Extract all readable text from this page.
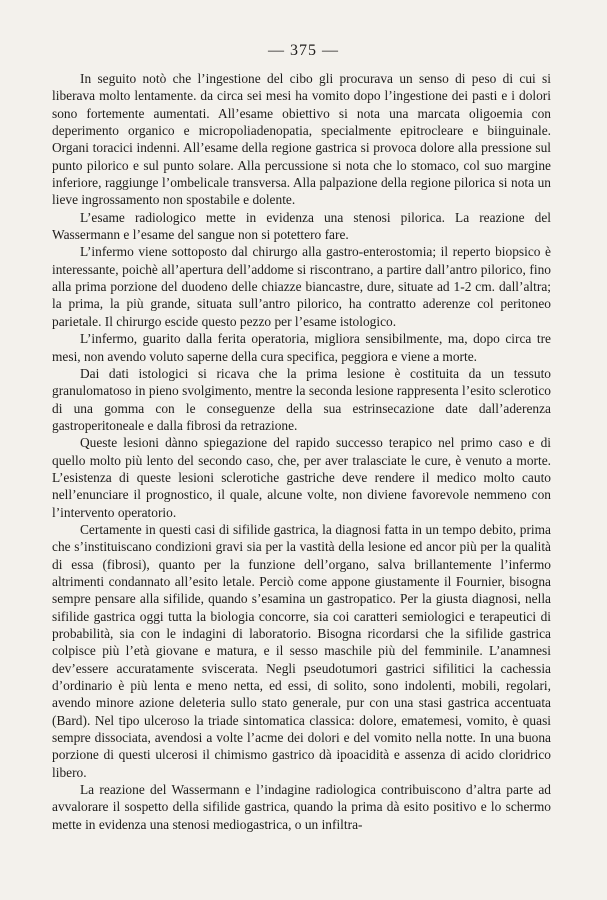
— 375 —

In seguito notò che l’ingestione del cibo gli procurava un senso di peso di cui si liberava molto lentamente. da circa sei mesi ha vomito dopo l’ingestione dei pasti e i dolori sono fortemente aumentati. All’esame obiettivo si nota una marcata oligoemia con deperimento organico e micropoliadenopatia, specialmente epitrocleare e biinguinale. Organi toracici indenni. All’esame della regione gastrica si provoca dolore alla pressione sul punto pilorico e sul punto solare. Alla percussione si nota che lo stomaco, col suo margine inferiore, raggiunge l’ombelicale transversa. Alla palpazione della regione pilorica si nota un lieve ingrossamento non spostabile e dolente.

L’esame radiologico mette in evidenza una stenosi pilorica. La reazione del Wassermann e l’esame del sangue non si potettero fare.

L’infermo viene sottoposto dal chirurgo alla gastro-enterostomia; il reperto biopsico è interessante, poichè all’apertura dell’addome si riscontrano, a partire dall’antro pilorico, fino alla prima porzione del duodeno delle chiazze biancastre, dure, situate ad 1-2 cm. dall’altra; la prima, la più grande, situata sull’antro pilorico, ha contratto aderenze col peritoneo parietale. Il chirurgo escide questo pezzo per l’esame istologico.

L’infermo, guarito dalla ferita operatoria, migliora sensibilmente, ma, dopo circa tre mesi, non avendo voluto saperne della cura specifica, peggiora e viene a morte.

Dai dati istologici si ricava che la prima lesione è costituita da un tessuto granulomatoso in pieno svolgimento, mentre la seconda lesione rappresenta l’esito sclerotico di una gomma con le conseguenze della sua estrinsecazione date dall’aderenza gastroperitoneale e dalla fibrosi da retrazione.

Queste lesioni dànno spiegazione del rapido successo terapico nel primo caso e di quello molto più lento del secondo caso, che, per aver tralasciate le cure, è venuto a morte. L’esistenza di queste lesioni sclerotiche gastriche deve rendere il medico molto cauto nell’enunciare il prognostico, il quale, alcune volte, non diviene favorevole nemmeno con l’intervento operatorio.

Certamente in questi casi di sifilide gastrica, la diagnosi fatta in un tempo debito, prima che s’instituiscano condizioni gravi sia per la vastità della lesione ed ancor più per la qualità di essa (fibrosi), quanto per la funzione dell’organo, salva brillantemente l’infermo altrimenti condannato all’esito letale. Perciò come appone giustamente il Fournier, bisogna sempre pensare alla sifilide, quando s’esamina un gastropatico. Per la giusta diagnosi, nella sifilide gastrica oggi tutta la biologia concorre, sia coi caratteri semiologici e terapeutici di probabilità, sia con le indagini di laboratorio. Bisogna ricordarsi che la sifilide gastrica colpisce più l’età giovane e matura, e il sesso maschile più del femminile. L’anamnesi dev’essere accuratamente sviscerata. Negli pseudotumori gastrici sifilitici la cachessia d’ordinario è più lenta e meno netta, ed essi, di solito, sono indolenti, mobili, regolari, avendo minore azione deleteria sullo stato generale, pur con una stasi gastrica accentuata (Bard). Nel tipo ulceroso la triade sintomatica classica: dolore, ematemesi, vomito, è quasi sempre dissociata, avendosi a volte l’acme dei dolori e del vomito nella notte. In una buona porzione di questi ulcerosi il chimismo gastrico dà ipoacidità e assenza di acido cloridrico libero.

La reazione del Wassermann e l’indagine radiologica contribuiscono d’altra parte ad avvalorare il sospetto della sifilide gastrica, quando la prima dà esito positivo e lo schermo mette in evidenza una stenosi mediogastrica, o un infiltra-
